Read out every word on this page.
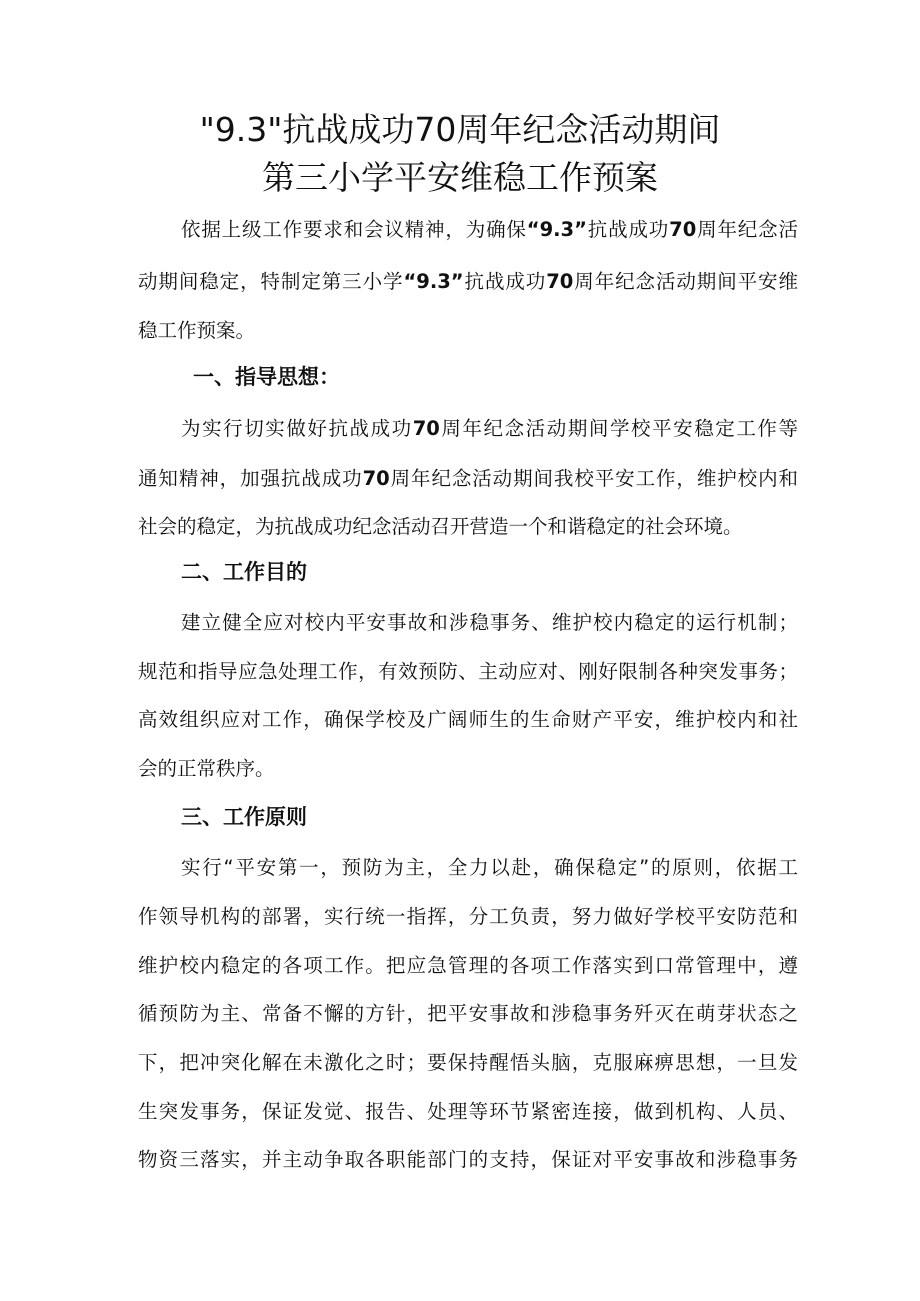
"9.3"抗战成功70周年纪念活动期间
第三小学平安维稳工作预案
依据上级工作要求和会议精神，为确保“9.3”抗战成功70周年纪念活
动期间稳定，特制定第三小学“9.3”抗战成功70周年纪念活动期间平安维
稳工作预案。
一、指导思想：
为实行切实做好抗战成功70周年纪念活动期间学校平安稳定工作等
通知精神，加强抗战成功70周年纪念活动期间我校平安工作，维护校内和
社会的稳定，为抗战成功纪念活动召开营造一个和谐稳定的社会环境。
二、工作目的
建立健全应对校内平安事故和涉稳事务、维护校内稳定的运行机制；
规范和指导应急处理工作，有效预防、主动应对、刚好限制各种突发事务；
高效组织应对工作，确保学校及广阔师生的生命财产平安，维护校内和社
会的正常秩序。
三、工作原则
实行“平安第一，预防为主，全力以赴，确保稳定”的原则，依据工
作领导机构的部署，实行统一指挥，分工负责，努力做好学校平安防范和
维护校内稳定的各项工作。把应急管理的各项工作落实到口常管理中，遵
循预防为主、常备不懈的方针，把平安事故和涉稳事务歼灭在萌芽状态之
下，把冲突化解在未激化之时；要保持醒悟头脑，克服麻痹思想，一旦发
生突发事务，保证发觉、报告、处理等环节紧密连接，做到机构、人员、
物资三落实，并主动争取各职能部门的支持，保证对平安事故和涉稳事务
